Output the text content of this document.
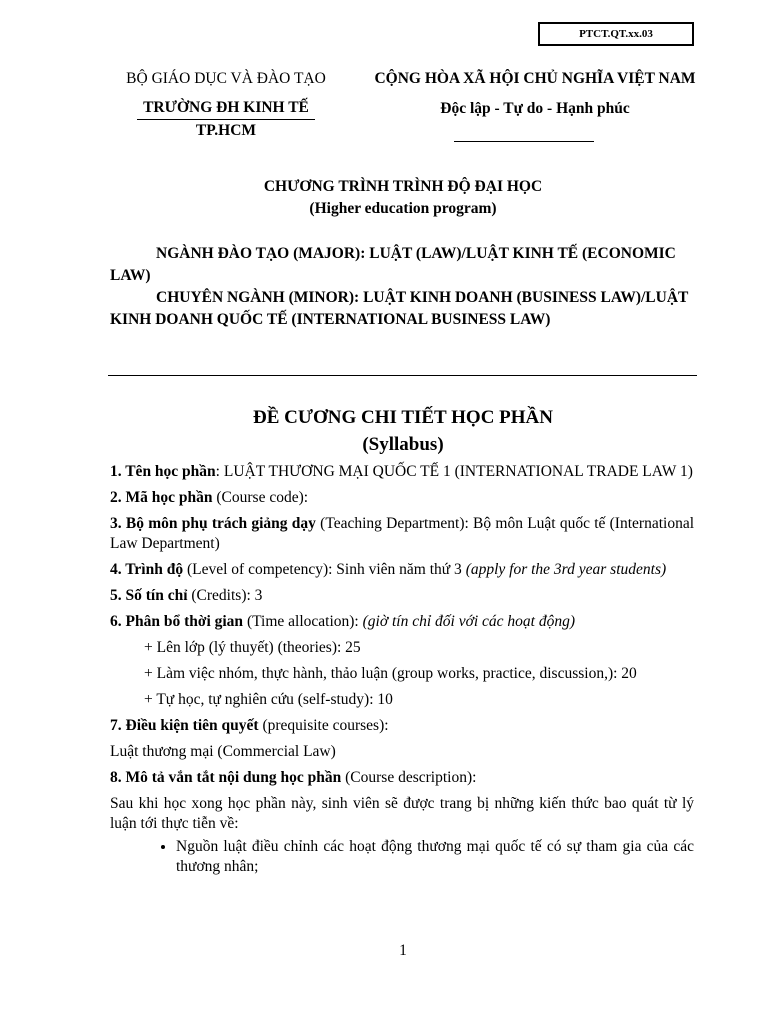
PTCT.QT.xx.03
BỘ GIÁO DỤC VÀ ĐÀO TẠO
TRƯỜNG ĐH KINH TẾ
TP.HCM
CỘNG HÒA XÃ HỘI CHỦ NGHĨA VIỆT NAM
Độc lập - Tự do - Hạnh phúc
CHƯƠNG TRÌNH TRÌNH ĐỘ ĐẠI HỌC
(Higher education program)

NGÀNH ĐÀO TẠO (MAJOR): LUẬT (LAW)/LUẬT KINH TẾ (ECONOMIC LAW)

CHUYÊN NGÀNH (MINOR): LUẬT KINH DOANH (BUSINESS LAW)/LUẬT KINH DOANH QUỐC TẾ (INTERNATIONAL BUSINESS LAW)

ĐỀ CƯƠNG CHI TIẾT HỌC PHẦN
(Syllabus)

1. Tên học phần: LUẬT THƯƠNG MẠI QUỐC TẾ 1 (INTERNATIONAL TRADE LAW 1)

2. Mã học phần (Course code):

3. Bộ môn phụ trách giảng dạy (Teaching Department): Bộ môn Luật quốc tế (International Law Department)

4. Trình độ (Level of competency): Sinh viên năm thứ 3 (apply for the 3rd year students)

5. Số tín chỉ (Credits): 3

6. Phân bổ thời gian (Time allocation): (giờ tín chỉ đối với các hoạt động)

+ Lên lớp (lý thuyết) (theories): 25

+ Làm việc nhóm, thực hành, thảo luận (group works, practice, discussion,): 20

+ Tự học, tự nghiên cứu (self-study): 10

7. Điều kiện tiên quyết (prequisite courses):

Luật thương mại (Commercial Law)

8. Mô tả vắn tắt nội dung học phần (Course description):

Sau khi học xong học phần này, sinh viên sẽ được trang bị những kiến thức bao quát từ lý luận tới thực tiễn về:

• Nguồn luật điều chỉnh các hoạt động thương mại quốc tế có sự tham gia của các thương nhân;
1
